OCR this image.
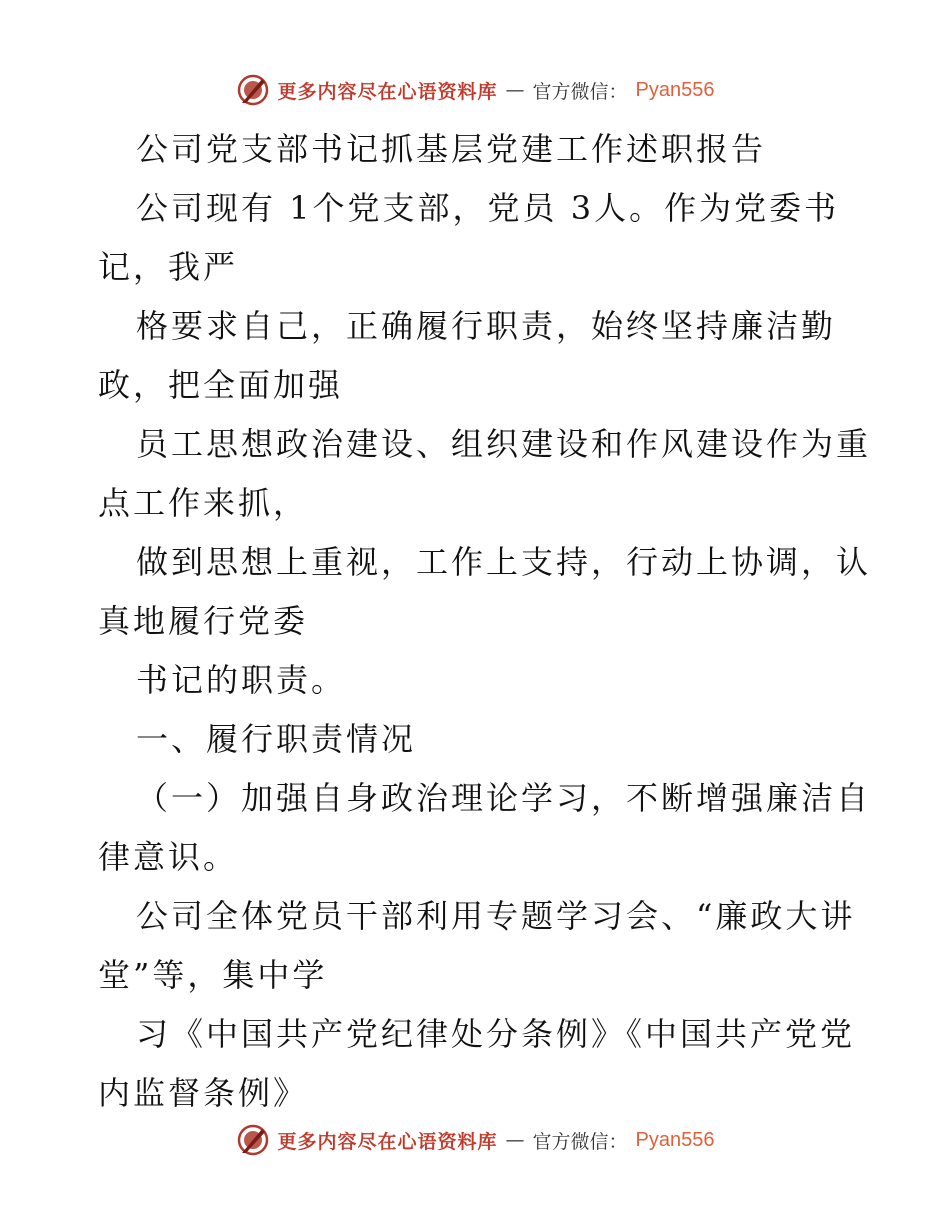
更多内容尽在心语资料库 — 官方微信： Pyan556
公司党支部书记抓基层党建工作述职报告
公司现有 1个党支部，党员 3人。作为党委书
记，我严
格要求自己，正确履行职责，始终坚持廉洁勤
政，把全面加强
员工思想政治建设、组织建设和作风建设作为重
点工作来抓，
做到思想上重视，工作上支持，行动上协调，认
真地履行党委
书记的职责。
一、履行职责情况
（一）加强自身政治理论学习，不断增强廉洁自
律意识。
公司全体党员干部利用专题学习会、“廉政大讲
堂”等，集中学
习《中国共产党纪律处分条例》《中国共产党党
内监督条例》
更多内容尽在心语资料库 — 官方微信： Pyan556
